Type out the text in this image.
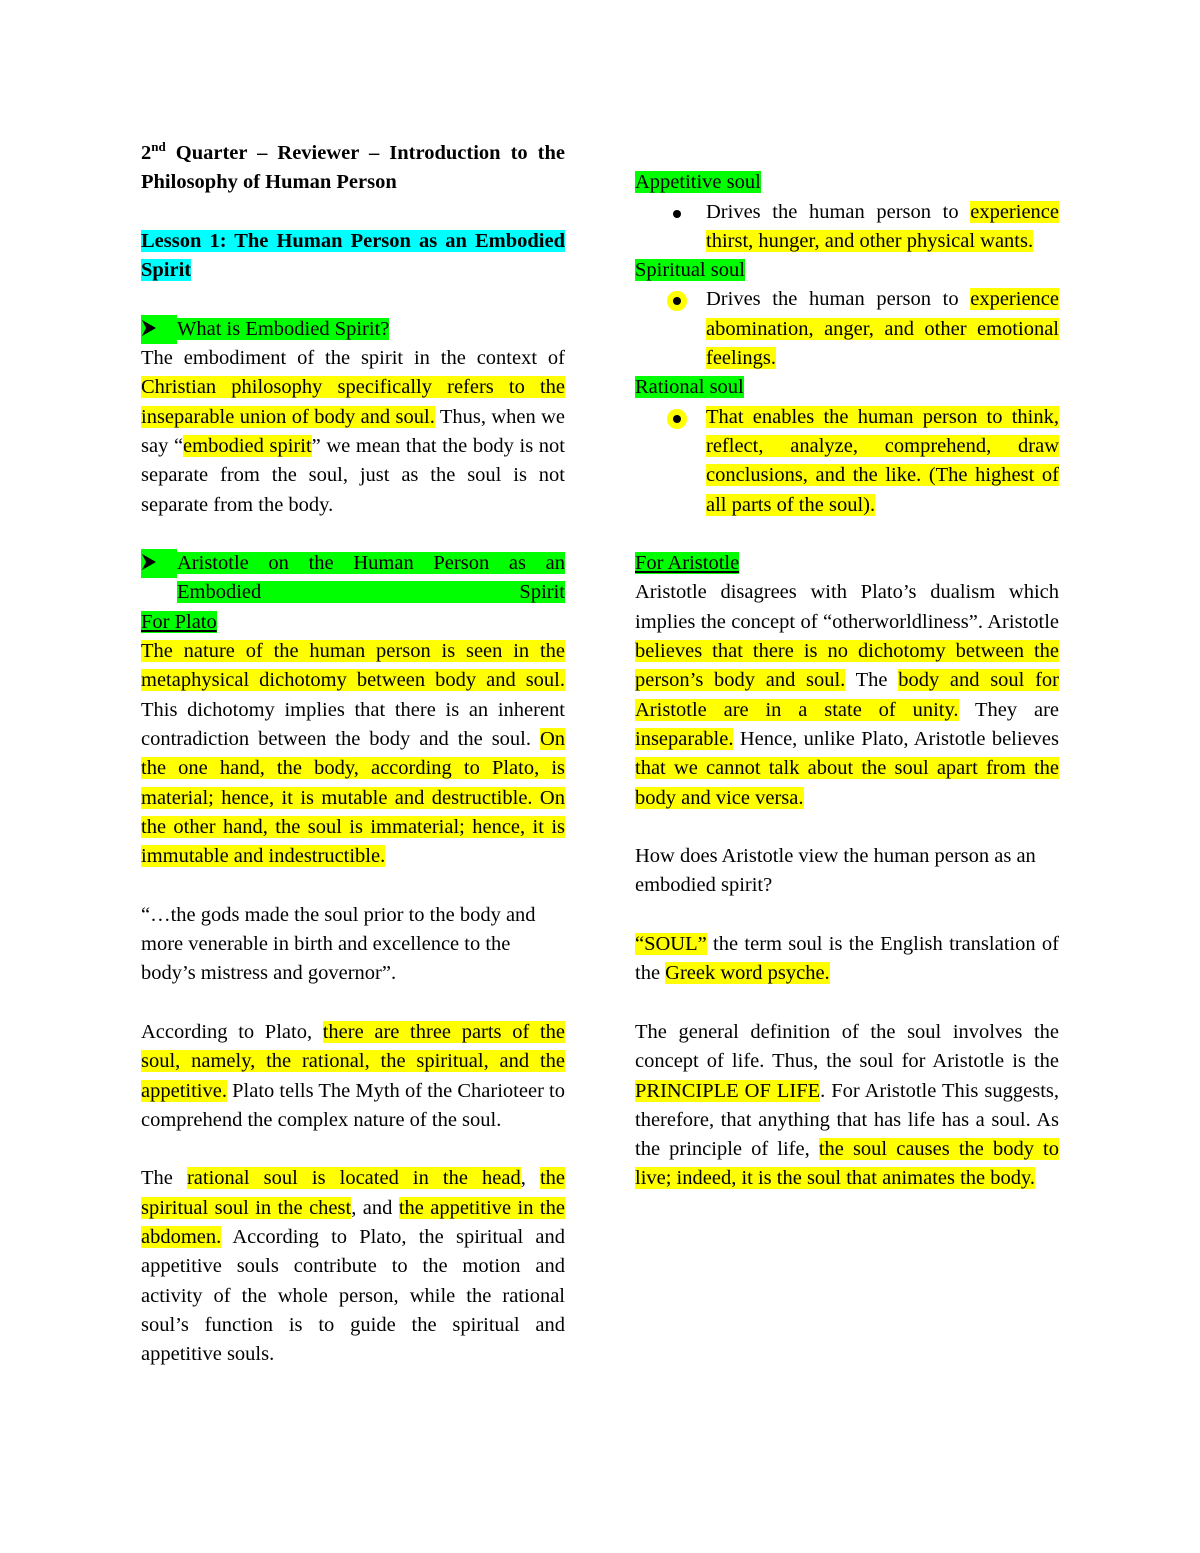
2nd Quarter – Reviewer – Introduction to the Philosophy of Human Person

Lesson 1: The Human Person as an Embodied Spirit

What is Embodied Spirit?

The embodiment of the spirit in the context of Christian philosophy specifically refers to the inseparable union of body and soul. Thus, when we say “embodied spirit” we mean that the body is not separate from the soul, just as the soul is not separate from the body.

Aristotle on the Human Person as an Embodied Spirit

For Plato

The nature of the human person is seen in the metaphysical dichotomy between body and soul. This dichotomy implies that there is an inherent contradiction between the body and the soul. On the one hand, the body, according to Plato, is material; hence, it is mutable and destructible. On the other hand, the soul is immaterial; hence, it is immutable and indestructible.

“…the gods made the soul prior to the body and more venerable in birth and excellence to the body’s mistress and governor”.

According to Plato, there are three parts of the soul, namely, the rational, the spiritual, and the appetitive. Plato tells The Myth of the Charioteer to comprehend the complex nature of the soul.

The rational soul is located in the head, the spiritual soul in the chest, and the appetitive in the abdomen. According to Plato, the spiritual and appetitive souls contribute to the motion and activity of the whole person, while the rational soul’s function is to guide the spiritual and appetitive souls.

Appetitive soul

Drives the human person to experience thirst, hunger, and other physical wants.

Spiritual soul

Drives the human person to experience abomination, anger, and other emotional feelings.

Rational soul

That enables the human person to think, reflect, analyze, comprehend, draw conclusions, and the like. (The highest of all parts of the soul).

For Aristotle

Aristotle disagrees with Plato’s dualism which implies the concept of “otherworldliness”. Aristotle believes that there is no dichotomy between the person’s body and soul. The body and soul for Aristotle are in a state of unity. They are inseparable. Hence, unlike Plato, Aristotle believes that we cannot talk about the soul apart from the body and vice versa.

How does Aristotle view the human person as an embodied spirit?

“SOUL” the term soul is the English translation of the Greek word psyche.

The general definition of the soul involves the concept of life. Thus, the soul for Aristotle is the PRINCIPLE OF LIFE. For Aristotle This suggests, therefore, that anything that has life has a soul. As the principle of life, the soul causes the body to live; indeed, it is the soul that animates the body.
